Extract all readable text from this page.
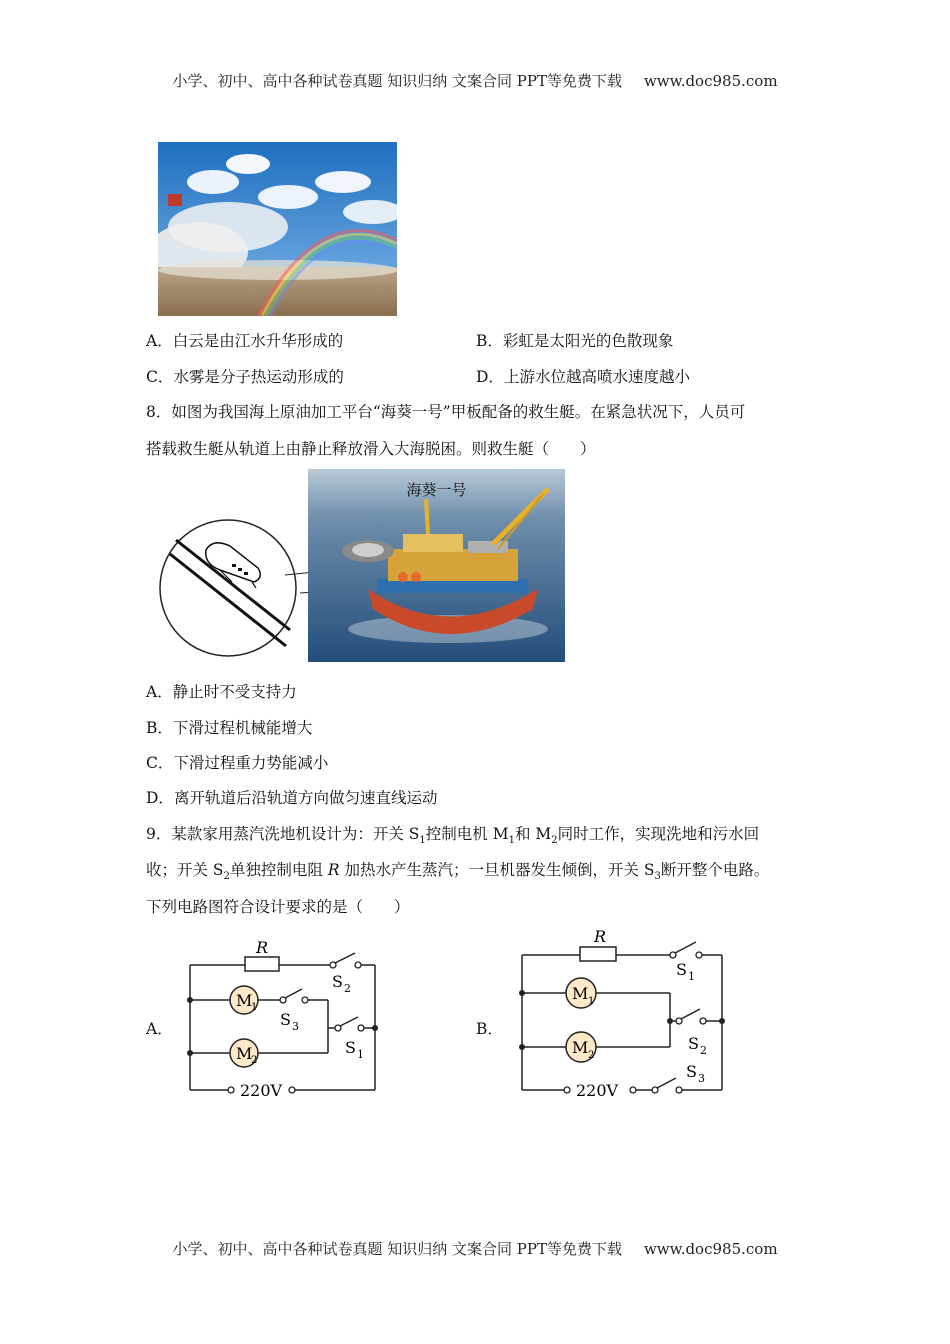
小学、初中、高中各种试卷真题 知识归纳 文案合同 PPT等免费下载 www.doc985.com
A．白云是由江水升华形成的	B．彩虹是太阳光的色散现象
C．水雾是分子热运动形成的	D．上游水位越高喷水速度越小
8．如图为我国海上原油加工平台“海葵一号”甲板配备的救生艇。在紧急状况下，人员可
搭载救生艇从轨道上由静止释放滑入大海脱困。则救生艇（　　）
海葵一号
A．静止时不受支持力
B．下滑过程机械能增大
C．下滑过程重力势能减小
D．离开轨道后沿轨道方向做匀速直线运动
9．某款家用蒸汽洗地机设计为：开关 $S_1$控制电机 $M_1$和 $M_2$同时工作，实现洗地和污水回
收；开关 $S_2$单独控制电阻 R 加热水产生蒸汽；一旦机器发生倾倒，开关 $S_3$断开整个电路。
下列电路图符合设计要求的是（　　）
A．
R
S 2
M
1
S 3
S 1
M
2
220V
B．
R
S 1
M 1
S 2
M 2
S 3
220V
小学、初中、高中各种试卷真题 知识归纳 文案合同 PPT等免费下载 www.doc985.com
